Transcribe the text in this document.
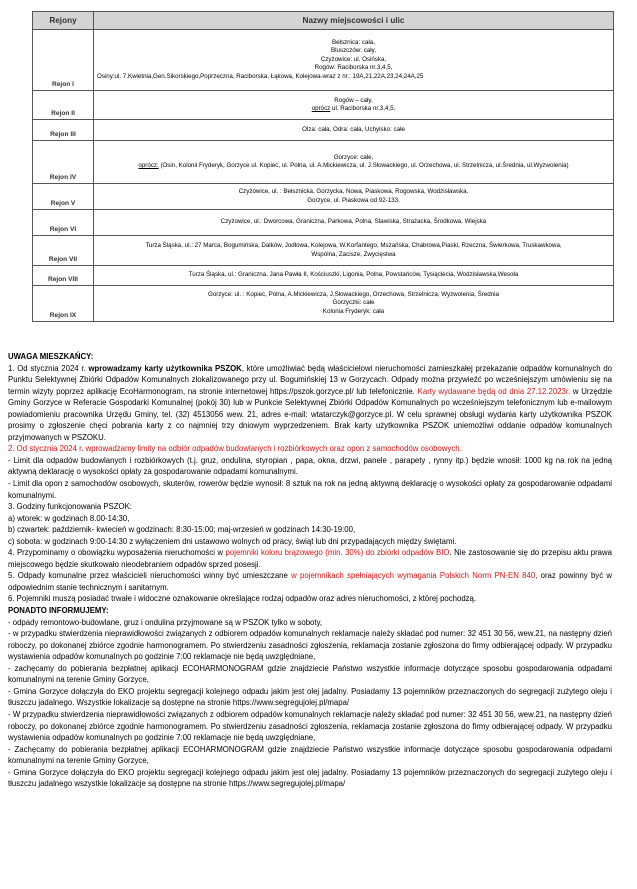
Rejony	Nazwy miejscowości i ulic
Rejon I	Bełsznica: cała,
Bluszczów: cały,
Czyżowice: ul. Osińska,
Rogów: Raciborska nr.3,4,5,
Osiny:ul. 7.Kwietnia,Gen.Sikorskiego,Poprzeczna, Raciborska, Łąkowa, Kolejowa-wraz z nr.: 19A,21,22A,23,24,24A,25

Rejon II	Rogów – cały,
oprócz ul. Raciborska nr.3,4,5,

Rejon III	Olza: cała, Odra: cała, Uchylsko: całe

Rejon IV	Gorzyce: całe,
oprócz: (Osin, Kolonii Fryderyk, Gorzyce ul. Kopiec, ul. Polna, ul. A.Mickiewicza, ul. J.Słowackiego, ul. Orzechowa, ul. Strzelnicza, ul.Średnia, ul.Wyzwolenia)

Rejon V	Czyżowice, ul. : Bełsznicka, Gorzycka, Nowa, Piaskowa, Rogowska, Wodzisławska,
Gorzyce, ul. Piaskowa od 92-133,

Rejon VI	Czyżowice, ul.: Dworcowa, Graniczna, Parkowa, Polna, Stawiska, Strażacka, Środkowa, Wiejska

Rejon VII	Turza Śląska, ul.: 27 Marca, Bogumińska, Dalków, Jodłowa, Kolejowa, W.Korfantego, Mszańska, Chabrowa,Piaski, Rzeczna, Świerkowa, Truskawkowa,
Wspólna, Zaciszе, Zwycięstwa

Rejon VIII	Turza Śląska, ul.: Graniczna, Jana Pawła II, Kościuszki, Ligonia, Polna, Powstańców, Tysiąclecia, Wodzisławska,Wesoła

Rejon IX	Gorzyce: ul. : Kopiec, Polna, A.Mickiewicza, J.Słowackiego, Orzechowa, Strzelnicza, Wyzwolenia, Średnia
Gorzyczki: całe
Kolonia Fryderyk: cała

UWAGA MIESZKAŃCY:

1. Od stycznia 2024 r. wprowadzamy karty użytkownika PSZOK, które umożliwiać będą właścicielowi nieruchomości zamieszkałej przekazanie odpadów komunalnych do Punktu Selektywnej Zbiórki Odpadów Komunalnych zlokalizowanego przy ul. Bogumińskiej 13 w Gorzycach. Odpady można przywieźć po wcześniejszym umówieniu się na termin wizyty poprzez aplikację EcoHarmonogram, na stronie internetowej https://pszok.gorzyce.pl/ lub telefonicznie. Karty wydawane będą od dnia 27.12.2023r. w Urzędzie Gminy Gorzyce w Referacie Gospodarki Komunalnej (pokój 30) lub w Punkcie Selektywnej Zbiórki Odpadów Komunalnych po wcześniejszym telefonicznym lub e-mailowym powiadomieniu pracownika Urzędu Gminy, tel. (32) 4513056 wew. 21, adres e-mail: wtatarczyk@gorzyce.pl. W celu sprawnej obsługi wydania karty użytkownika PSZOK prosimy o zgłoszenie chęci pobrania karty z co najmniej trzy dniowym wyprzedzeniem. Brak karty użytkownika PSZOK uniemożliwi oddanie odpadów komunalnych przyjmowanych w PSZOKU.

2. Od stycznia 2024 r. wprowadzamy limity na odbiór odpadów budowlanych i rozbiórkowych oraz opon z samochodów osobowych.

- Limit dla odpadów budowlanych i rozbiórkowych (t.j. gruz, ondulina, styropian , papa, okna, drzwi, panele , parapety , rynny itp.) będzie wnosił: 1000 kg na rok na jedną aktywną deklarację o wysokości opłaty za gospodarowanie odpadami komunalnymi.

- Limit dla opon z samochodów osobowych, skuterów, rowerów będzie wynosił: 8 sztuk na rok na jedną aktywną deklarację o wysokości opłaty za gospodarowanie odpadami komunalnymi.

3. Godziny funkcjonowania PSZOK:

a) wtorek: w godzinach 8.00-14:30,

b) czwartek: październik- kwiecień w godzinach: 8:30-15:00; maj-wrzesień w godzinach 14:30-19:00,

c) sobota: w godzinach 9:00-14:30 z wyłączeniem dni ustawowo wolnych od pracy, świąt lub dni przypadających między świętami.

4. Przypominamy o obowiązku wyposażenia nieruchomości w pojemniki koloru brązowego (min. 30%) do zbiórki odpadów BIO. Nie zastosowanie się do przepisu aktu prawa miejscowego będzie skutkowało nieodebraniem odpadów sprzed posesji.

5. Odpady komunalne przez właścicieli nieruchomości winny być umieszczane w pojemnikach spełniających wymagania Polskich Norm PN-EN 840, oraz powinny być w odpowiednim stanie technicznym i sanitarnym.

6. Pojemniki muszą posiadać trwałe i widoczne oznakowanie określające rodzaj odpadów oraz adres nieruchomości, z której pochodzą.

PONADTO INFORMUJEMY:

- odpady remontowo-budowlane, gruz i ondulina przyjmowane są w PSZOK tylko w soboty,

- w przypadku stwierdzenia nieprawidłowości związanych z odbiorem odpadów komunalnych reklamacje należy składać pod numer: 32 451 30 56, wew.21, na następny dzień roboczy, po dokonanej zbiórce zgodnie harmonogramem. Po stwierdzeniu zasadności zgłoszenia, reklamacja zostanie zgłoszona do firmy odbierającej odpady. W przypadku wystawienia odpadów komunalnych po godzinie 7:00 reklamacje nie będą uwzględniane,

- zachęcamy do pobierania bezpłatnej aplikacji ECOHARMONOGRAM gdzie znajdziecie Państwo wszystkie informacje dotyczące sposobu gospodarowania odpadami komunalnymi na terenie Gminy Gorzyce,

- Gmina Gorzyce dołączyła do EKO projektu segregacji kolejnego odpadu jakim jest olej jadalny. Posiadamy 13 pojemników przeznaczonych do segregacji zużytego oleju i tłuszczu jadalnego. Wszystkie lokalizacje są dostępne na stronie https://www.segregujolej.pl/mapa/

- W przypadku stwierdzenia nieprawidłowości związanych z odbiorem odpadów komunalnych reklamacje należy składać pod numer: 32 451 30 56, wew.21, na następny dzień roboczy, po dokonanej zbiórce zgodnie harmonogramem. Po stwierdzeniu zasadności zgłoszenia, reklamacja zostanie zgłoszona do firmy odbierającej odpady. W przypadku wystawienia odpadów komunalnych po godzinie 7:00 reklamacje nie będą uwzględniane,

- Zachęcamy do pobierania bezpłatnej aplikacji ECOHARMONOGRAM gdzie znajdziecie Państwo wszystkie informacje dotyczące sposobu gospodarowania odpadami komunalnymi na terenie Gminy Gorzyce,

- Gmina Gorzyce dołączyła do EKO projektu segregacji kolejnego odpadu jakim jest olej jadalny. Posiadamy 13 pojemników przeznaczonych do segregacji zużytego oleju i tłuszczu jadalnego wszystkie lokalizacje są dostępne na stronie https://www.segregujolej.pl/mapa/
